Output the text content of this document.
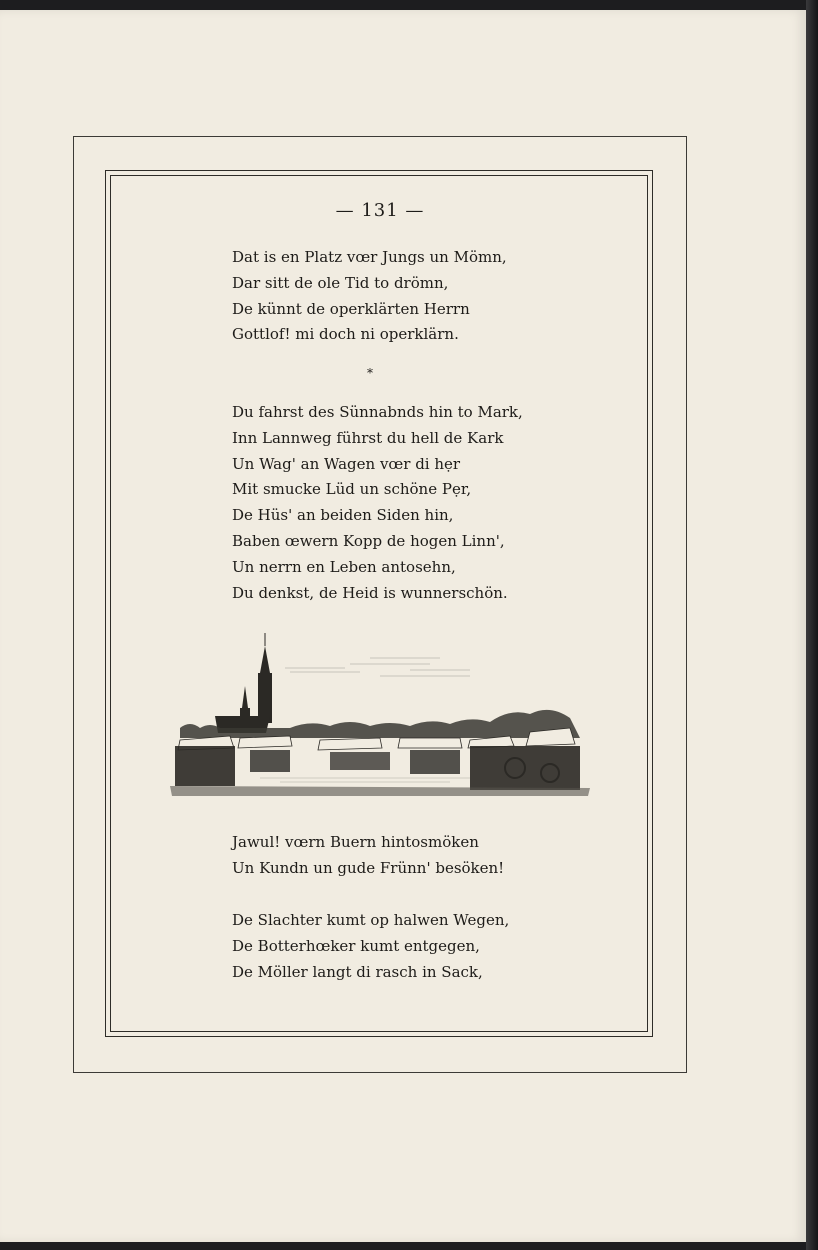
— 131 —
Dat is en Platz vœr Jungs un Mömn,
Dar sitt de ole Tid to drömn,
De künnt de operklärten Herrn
Gottlof! mi doch ni operklärn.
*
Du fahrst des Sünnabnds hin to Mark,
Inn Lannweg führst du hell de Kark
Un Wag' an Wagen vœr di hẹr
Mit smucke Lüd un schöne Pẹr,
De Hüs' an beiden Siden hin,
Baben œwern Kopp de hogen Linn',
Un nerrn en Leben antosehn,
Du denkst, de Heid is wunnerschön.
Jawul! vœrn Buern hintosmöken
Un Kundn un gude Frünn' besöken!
De Slachter kumt op halwen Wegen,
De Botterhœker kumt entgegen,
De Möller langt di rasch in Sack,
